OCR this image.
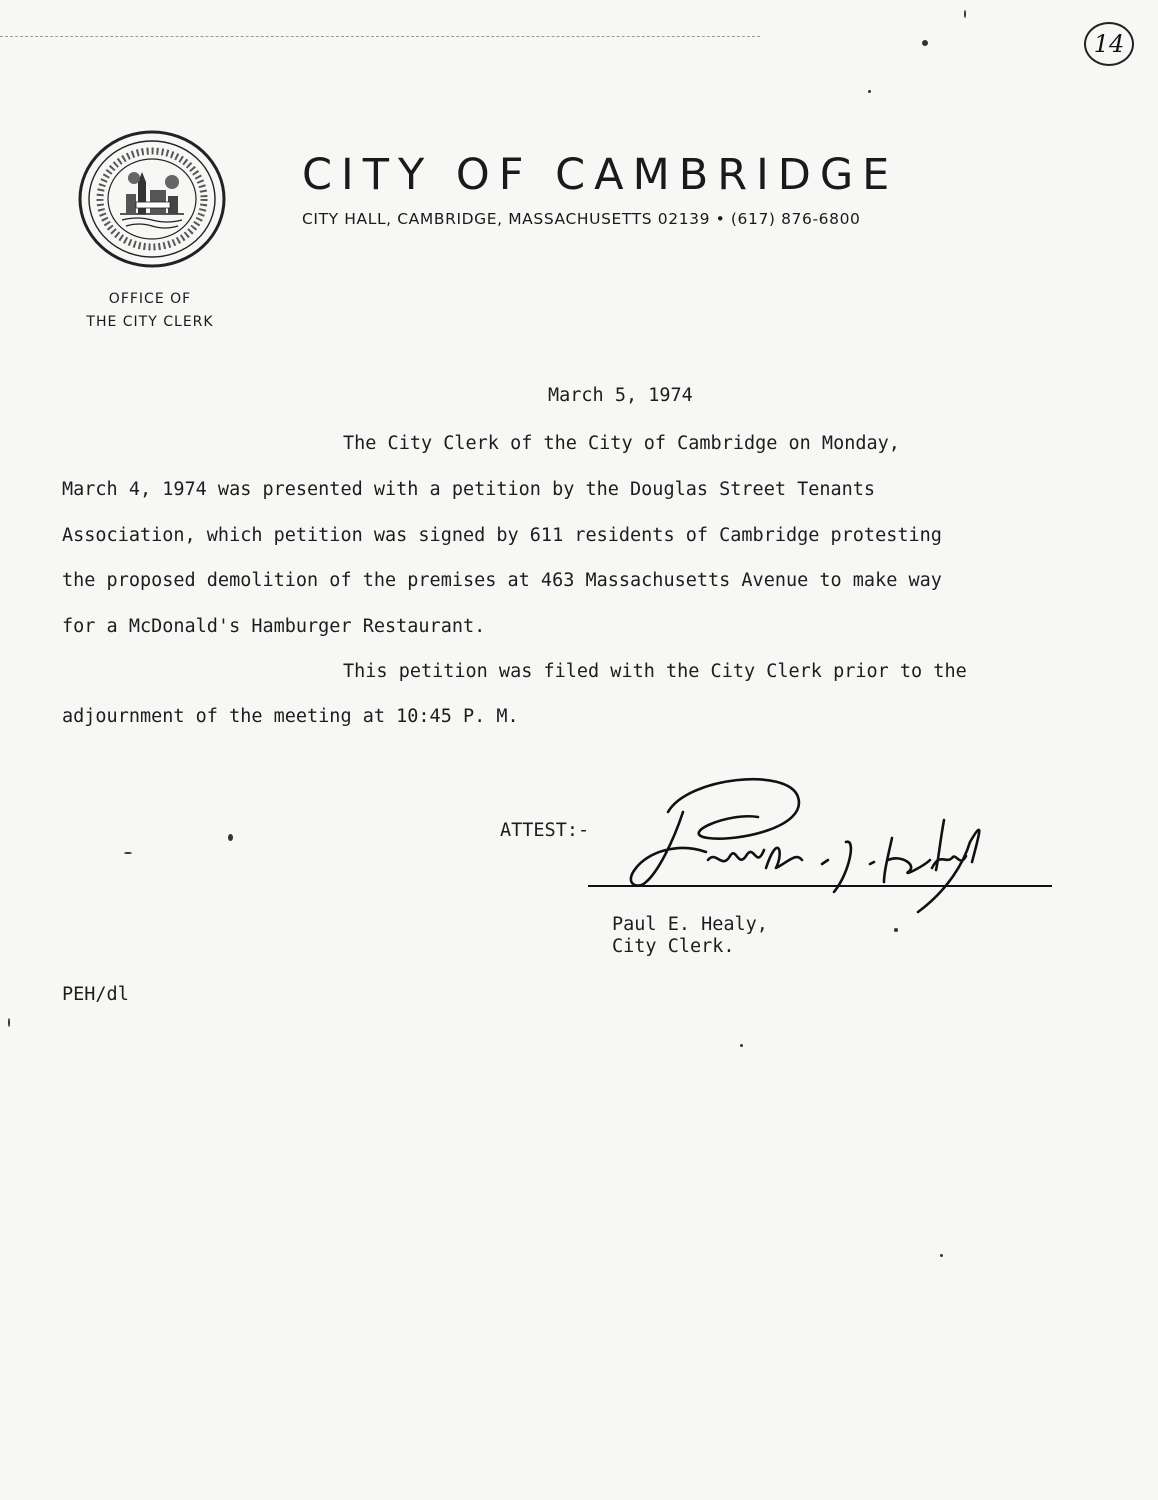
14
CITY OF CAMBRIDGE
CITY HALL, CAMBRIDGE, MASSACHUSETTS 02139 • (617) 876-6800
OFFICE OF
THE CITY CLERK
March 5, 1974
The City Clerk of the City of Cambridge on Monday,
March 4, 1974 was presented with a petition by the Douglas Street Tenants
Association, which petition was signed by 611 residents of Cambridge protesting
the proposed demolition of the premises at 463 Massachusetts Avenue to make way
for a McDonald's Hamburger Restaurant.
This petition was filed with the City Clerk prior to the
adjournment of the meeting at 10:45 P. M.
ATTEST:-
Paul E. Healy,
City Clerk.
PEH/dl
